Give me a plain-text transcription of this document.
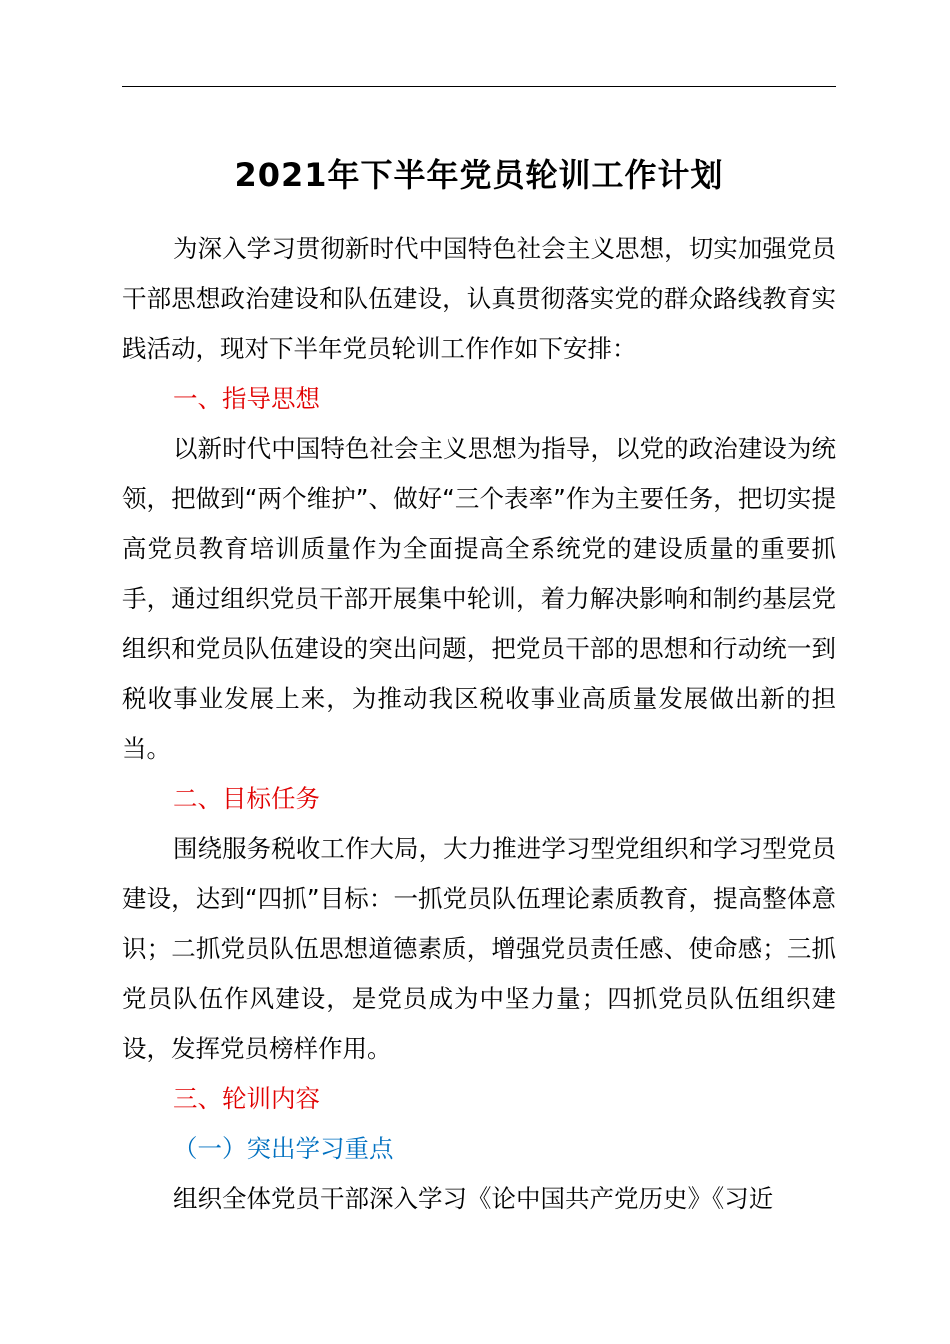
2021年下半年党员轮训工作计划

为深入学习贯彻新时代中国特色社会主义思想，切实加强党员干部思想政治建设和队伍建设，认真贯彻落实党的群众路线教育实践活动，现对下半年党员轮训工作作如下安排：

一、指导思想

以新时代中国特色社会主义思想为指导，以党的政治建设为统领，把做到“两个维护”、做好“三个表率”作为主要任务，把切实提高党员教育培训质量作为全面提高全系统党的建设质量的重要抓手，通过组织党员干部开展集中轮训，着力解决影响和制约基层党组织和党员队伍建设的突出问题，把党员干部的思想和行动统一到税收事业发展上来，为推动我区税收事业高质量发展做出新的担当。

二、目标任务

围绕服务税收工作大局，大力推进学习型党组织和学习型党员建设，达到“四抓”目标：一抓党员队伍理论素质教育，提高整体意识；二抓党员队伍思想道德素质，增强党员责任感、使命感；三抓党员队伍作风建设，是党员成为中坚力量；四抓党员队伍组织建设，发挥党员榜样作用。

三、轮训内容

（一）突出学习重点

组织全体党员干部深入学习《论中国共产党历史》《习近
